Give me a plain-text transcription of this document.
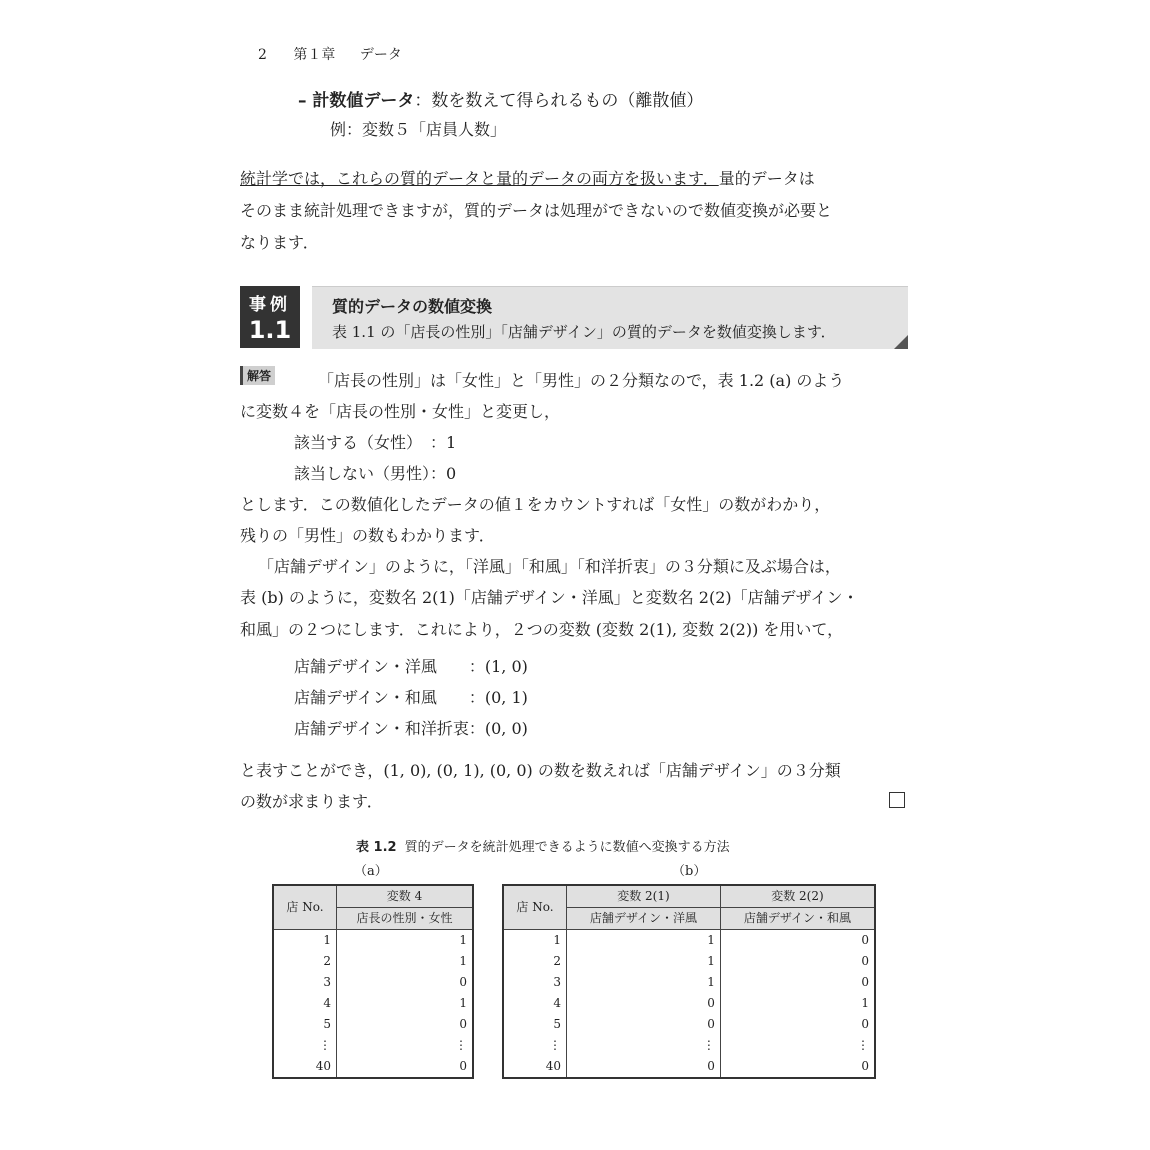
2 第１章 データ
– 計数値データ：数を数えて得られるもの（離散値）
例：変数５「店員人数」
統計学では，これらの質的データと量的データの両方を扱います．量的データは
そのまま統計処理できますが，質的データは処理ができないので数値変換が必要と
なります．
事例
1.1
質的データの数値変換
表 1.1 の「店長の性別」「店舗デザイン」の質的データを数値変換します．
解答	「店長の性別」は「女性」と「男性」の２分類なので，表 1.2 (a) のよう
に変数４を「店長の性別・女性」と変更し，
該当する（女性）　：1
該当しない（男性）：0
とします．この数値化したデータの値１をカウントすれば「女性」の数がわかり，
残りの「男性」の数もわかります．
「店舗デザイン」のように，「洋風」「和風」「和洋折衷」の３分類に及ぶ場合は，
表 (b) のように，変数名 2(1)「店舗デザイン・洋風」と変数名 2(2)「店舗デザイン・
和風」の２つにします．これにより，２つの変数 (変数 2(1), 変数 2(2)) を用いて，
店舗デザイン・洋風　　：(1, 0)
店舗デザイン・和風　　：(0, 1)
店舗デザイン・和洋折衷：(0, 0)
と表すことができ，(1, 0), (0, 1), (0, 0) の数を数えれば「店舗デザイン」の３分類
の数が求まります．
表 1.2 質的データを統計処理できるように数値へ変換する方法
（a）	（b）
店 No.	変数 4
	店長の性別・女性
1	1
2	1
3	0
4	1
5	0
⋮	⋮
40	0
店 No.	変数 2(1)	変数 2(2)
	店舗デザイン・洋風	店舗デザイン・和風
1	1	0
2	1	0
3	1	0
4	0	1
5	0	0
⋮	⋮	⋮
40	0	0
